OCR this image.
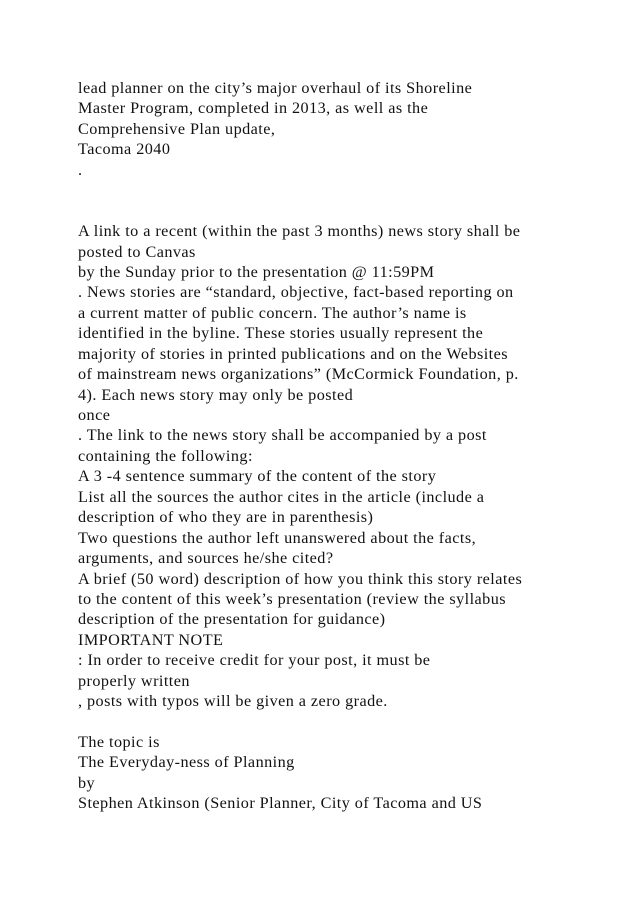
lead planner on the city’s major overhaul of its Shoreline
Master Program, completed in 2013, as well as the
Comprehensive Plan update,
Tacoma 2040
.
A link to a recent (within the past 3 months) news story shall be
posted to Canvas
by the Sunday prior to the presentation @ 11:59PM
. News stories are “standard, objective, fact-based reporting on
a current matter of public concern. The author’s name is
identified in the byline. These stories usually represent the
majority of stories in printed publications and on the Websites
of mainstream news organizations” (McCormick Foundation, p.
4). Each news story may only be posted
once
. The link to the news story shall be accompanied by a post
containing the following:
A 3 -4 sentence summary of the content of the story
List all the sources the author cites in the article (include a
description of who they are in parenthesis)
Two questions the author left unanswered about the facts,
arguments, and sources he/she cited?
A brief (50 word) description of how you think this story relates
to the content of this week’s presentation (review the syllabus
description of the presentation for guidance)
IMPORTANT NOTE
: In order to receive credit for your post, it must be
properly written
, posts with typos will be given a zero grade.
The topic is
The Everyday-ness of Planning
by
Stephen Atkinson (Senior Planner, City of Tacoma and US
